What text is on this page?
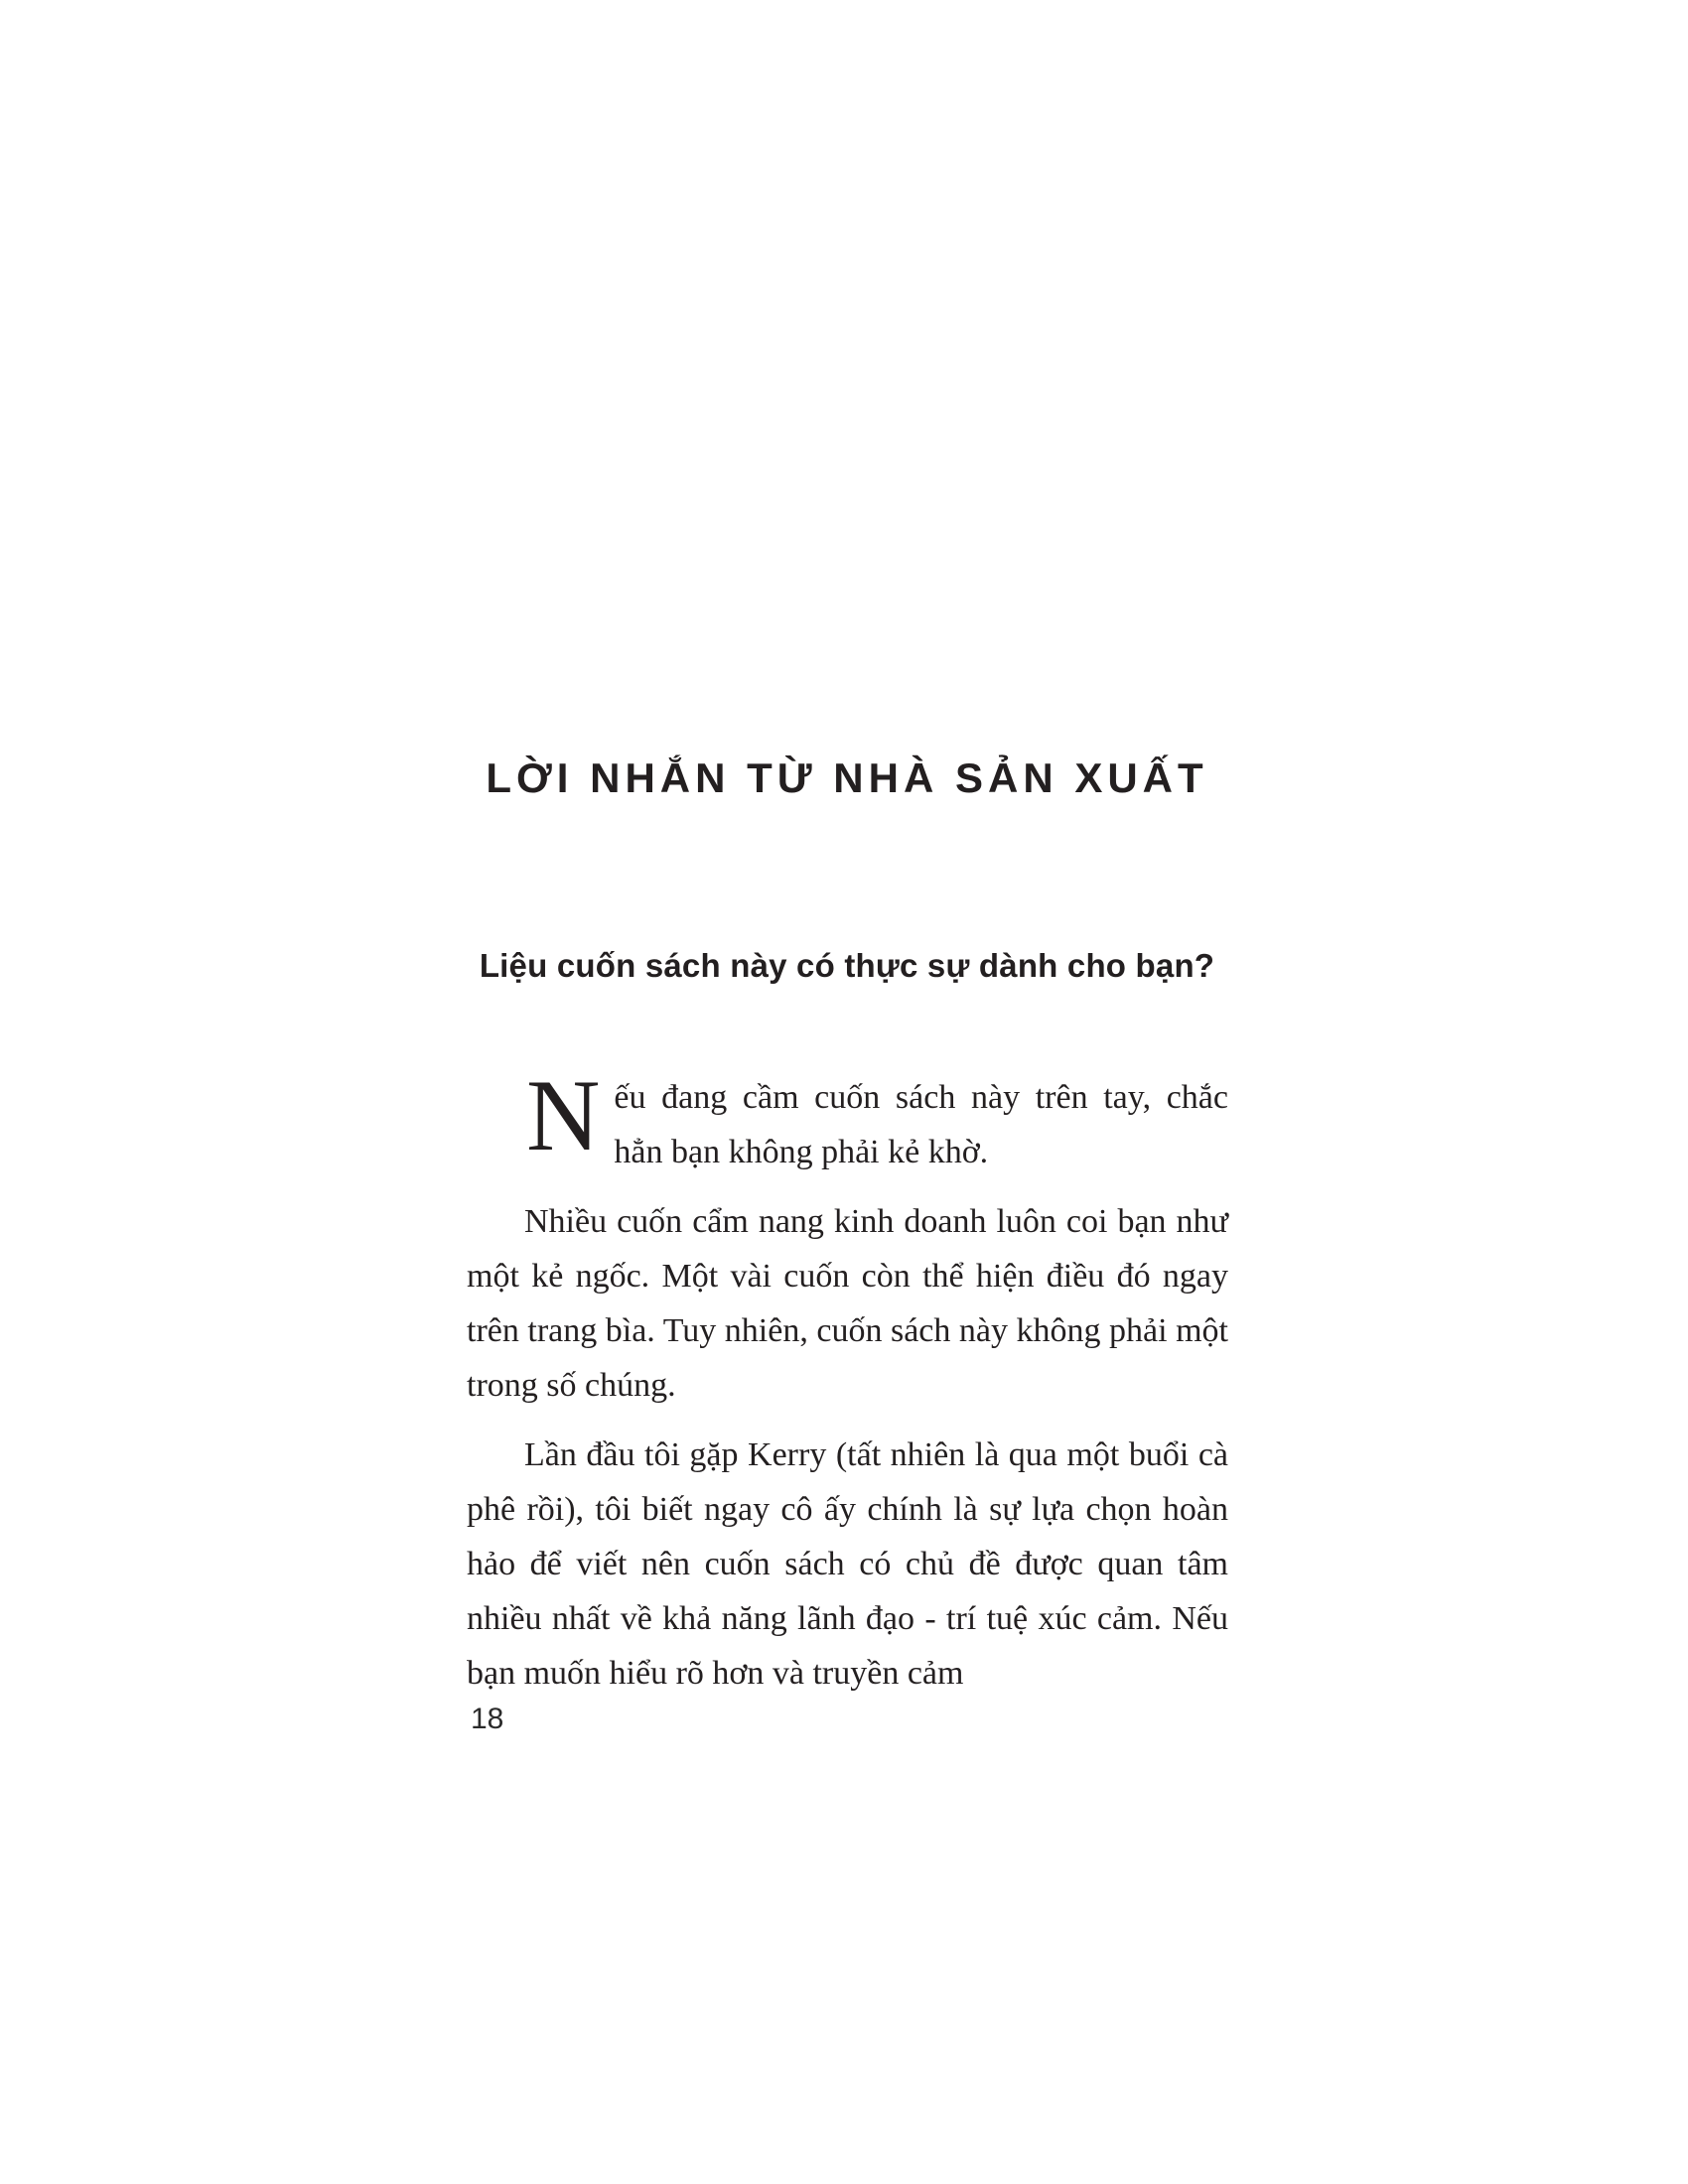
LỜI NHẮN TỪ NHÀ SẢN XUẤT
Liệu cuốn sách này có thực sự dành cho bạn?

Nếu đang cầm cuốn sách này trên tay, chắc hẳn bạn không phải kẻ khờ.

Nhiều cuốn cẩm nang kinh doanh luôn coi bạn như một kẻ ngốc. Một vài cuốn còn thể hiện điều đó ngay trên trang bìa. Tuy nhiên, cuốn sách này không phải một trong số chúng.

Lần đầu tôi gặp Kerry (tất nhiên là qua một buổi cà phê rồi), tôi biết ngay cô ấy chính là sự lựa chọn hoàn hảo để viết nên cuốn sách có chủ đề được quan tâm nhiều nhất về khả năng lãnh đạo - trí tuệ xúc cảm. Nếu bạn muốn hiểu rõ hơn và truyền cảm

18
